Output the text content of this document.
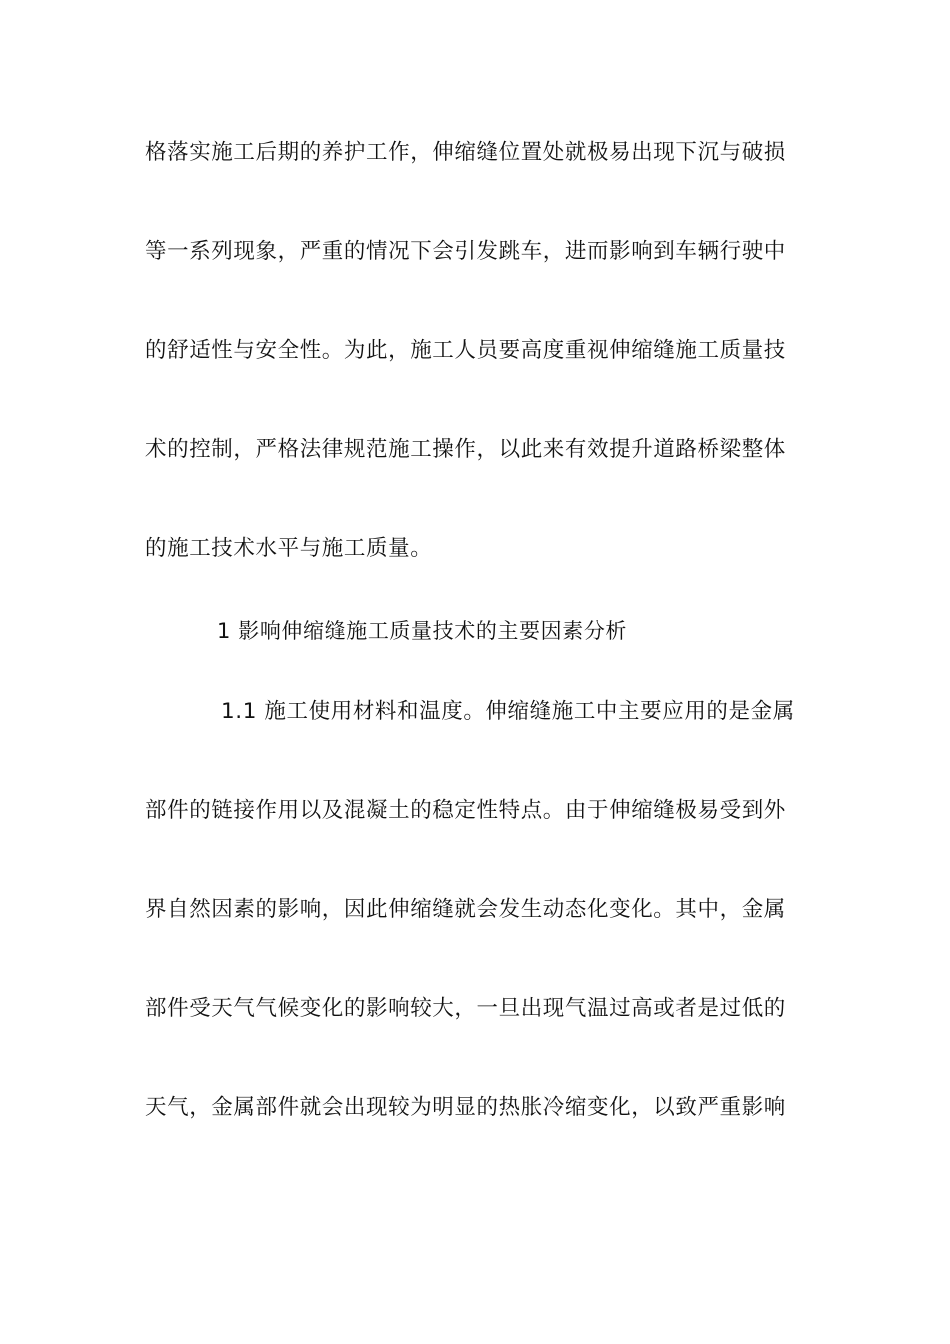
格落实施工后期的养护工作，伸缩缝位置处就极易出现下沉与破损
等一系列现象，严重的情况下会引发跳车，进而影响到车辆行驶中
的舒适性与安全性。为此，施工人员要高度重视伸缩缝施工质量技
术的控制，严格法律规范施工操作，以此来有效提升道路桥梁整体
的施工技术水平与施工质量。
1 影响伸缩缝施工质量技术的主要因素分析
1.1 施工使用材料和温度。伸缩缝施工中主要应用的是金属
部件的链接作用以及混凝土的稳定性特点。由于伸缩缝极易受到外
界自然因素的影响，因此伸缩缝就会发生动态化变化。其中，金属
部件受天气气候变化的影响较大，一旦出现气温过高或者是过低的
天气，金属部件就会出现较为明显的热胀冷缩变化，以致严重影响
